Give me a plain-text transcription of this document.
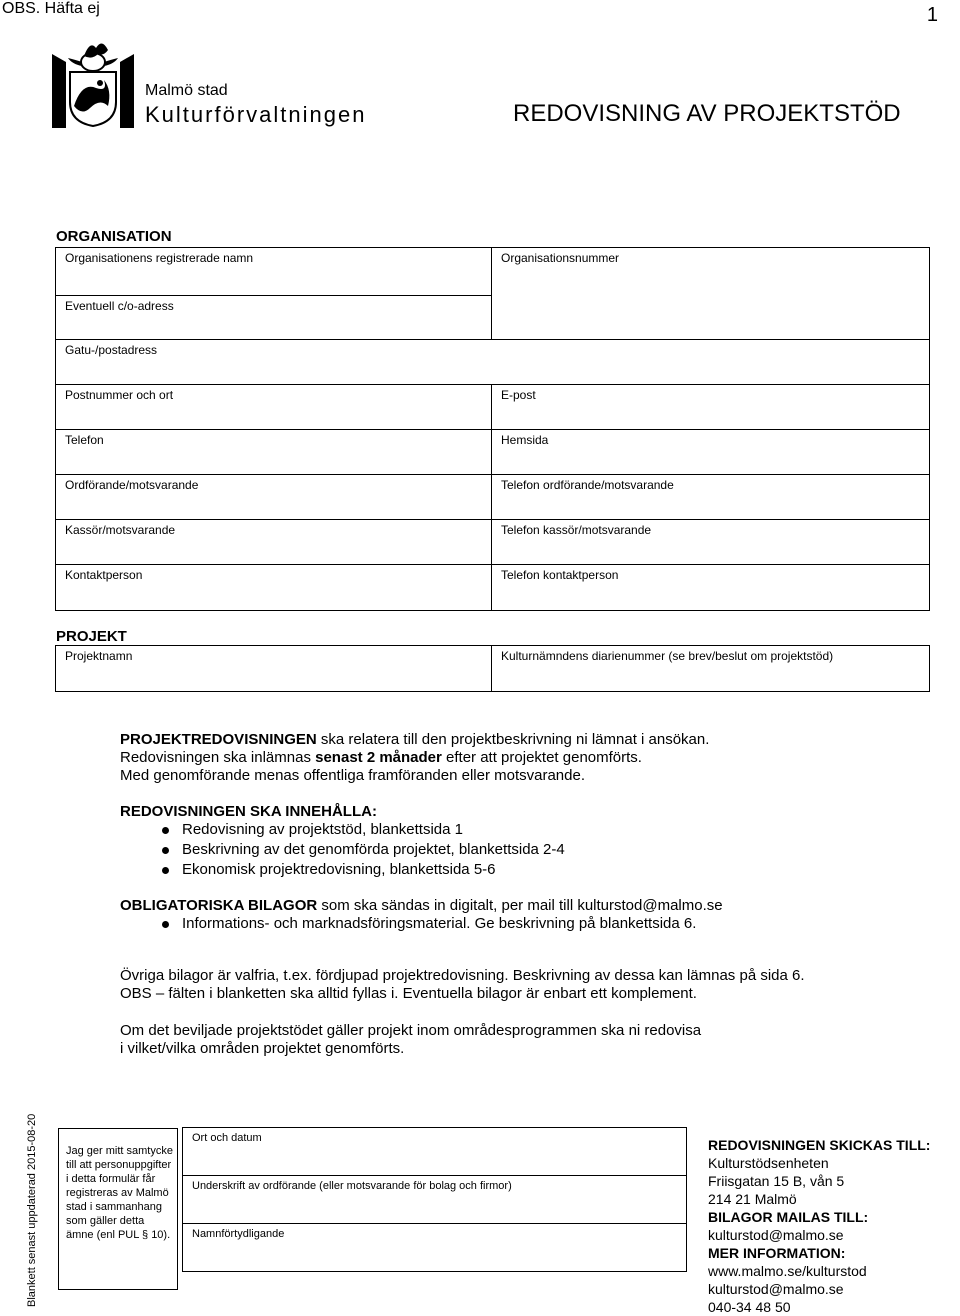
OBS. Häfta ej	1
Malmö stad
Kulturförvaltningen	REDOVISNING AV PROJEKTSTÖD
ORGANISATION
Organisationens registrerade namn	Organisationsnummer

Eventuell c/o-adress	

Gatu-/postadress	

Postnummer och ort	E-post

Telefon	Hemsida

Ordförande/motsvarande	Telefon ordförande/motsvarande

Kassör/motsvarande	Telefon kassör/motsvarande

Kontaktperson	Telefon kontaktperson
PROJEKT
Projektnamn	Kulturnämndens diarienummer (se brev/beslut om projektstöd)
PROJEKTREDOVISNINGEN ska relatera till den projektbeskrivning ni lämnat i ansökan.
Redovisningen ska inlämnas senast 2 månader efter att projektet genomförts.
Med genomförande menas offentliga framföranden eller motsvarande.
REDOVISNINGEN SKA INNEHÅLLA:
Redovisning av projektstöd, blankettsida 1
Beskrivning av det genomförda projektet, blankettsida 2-4
Ekonomisk projektredovisning, blankettsida 5-6
OBLIGATORISKA BILAGOR som ska sändas in digitalt, per mail till kulturstod@malmo.se
Informations- och marknadsföringsmaterial. Ge beskrivning på blankettsida 6.
Övriga bilagor är valfria, t.ex. fördjupad projektredovisning. Beskrivning av dessa kan lämnas på sida 6.
OBS – fälten i blanketten ska alltid fyllas i. Eventuella bilagor är enbart ett komplement.
Om det beviljade projektstödet gäller projekt inom områdesprogrammen ska ni redovisa
i vilket/vilka områden projektet genomförts.
Blankett senast uppdaterad 2015-08-20	Jag ger mitt samtycke till att personuppgifter i detta formulär får registreras av Malmö stad i sammanhang som gäller detta ämne (enl PUL § 10).
Ort och datum

Underskrift av ordförande (eller motsvarande för bolag och firmor)

Namnförtydligande
REDOVISNINGEN SKICKAS TILL:
Kulturstödsenheten
Friisgatan 15 B, vån 5
214 21 Malmö
BILAGOR MAILAS TILL:
kulturstod@malmo.se
MER INFORMATION:
www.malmo.se/kulturstod
kulturstod@malmo.se
040-34 48 50
